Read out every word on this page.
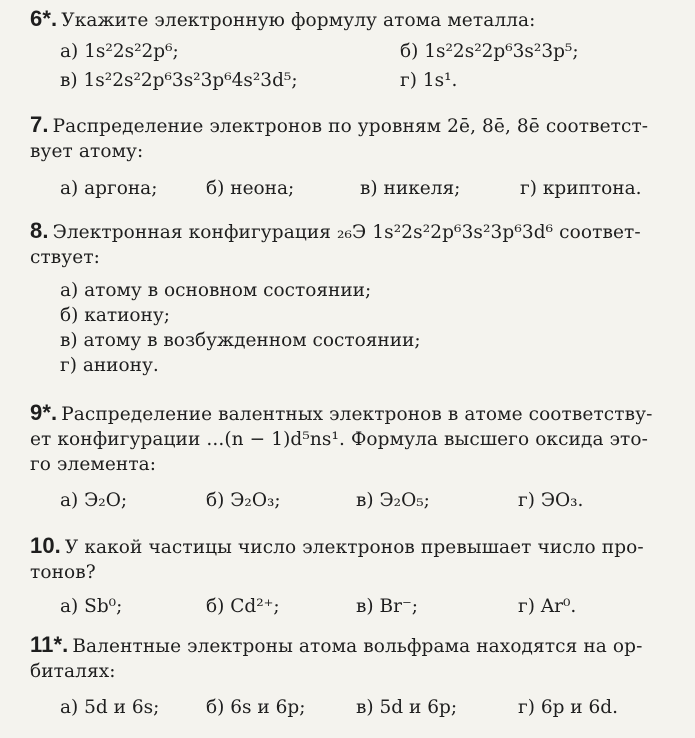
6*. Укажите электронную формулу атома металла:
а) 1s²2s²2p⁶;	б) 1s²2s²2p⁶3s²3p⁵;
в) 1s²2s²2p⁶3s²3p⁶4s²3d⁵;	г) 1s¹.
7. Распределение электронов по уровням 2ē, 8ē, 8ē соответст-
вует атому:
а) аргона;	б) неона;	в) никеля;	г) криптона.
8. Электронная конфигурация ₂₆Э 1s²2s²2p⁶3s²3p⁶3d⁶ соответ-
ствует:
а) атому в основном состоянии;
б) катиону;
в) атому в возбужденном состоянии;
г) аниону.
9*. Распределение валентных электронов в атоме соответству-
ет конфигурации ...(n − 1)d⁵ns¹. Формула высшего оксида это-
го элемента:
а) Э₂О;	б) Э₂О₃;	в) Э₂О₅;	г) ЭО₃.
10. У какой частицы число электронов превышает число про-
тонов?
а) Sb⁰;	б) Cd²⁺;	в) Br⁻;	г) Ar⁰.
11*. Валентные электроны атома вольфрама находятся на ор-
биталях:
а) 5d и 6s;	б) 6s и 6p;	в) 5d и 6p;	г) 6p и 6d.
